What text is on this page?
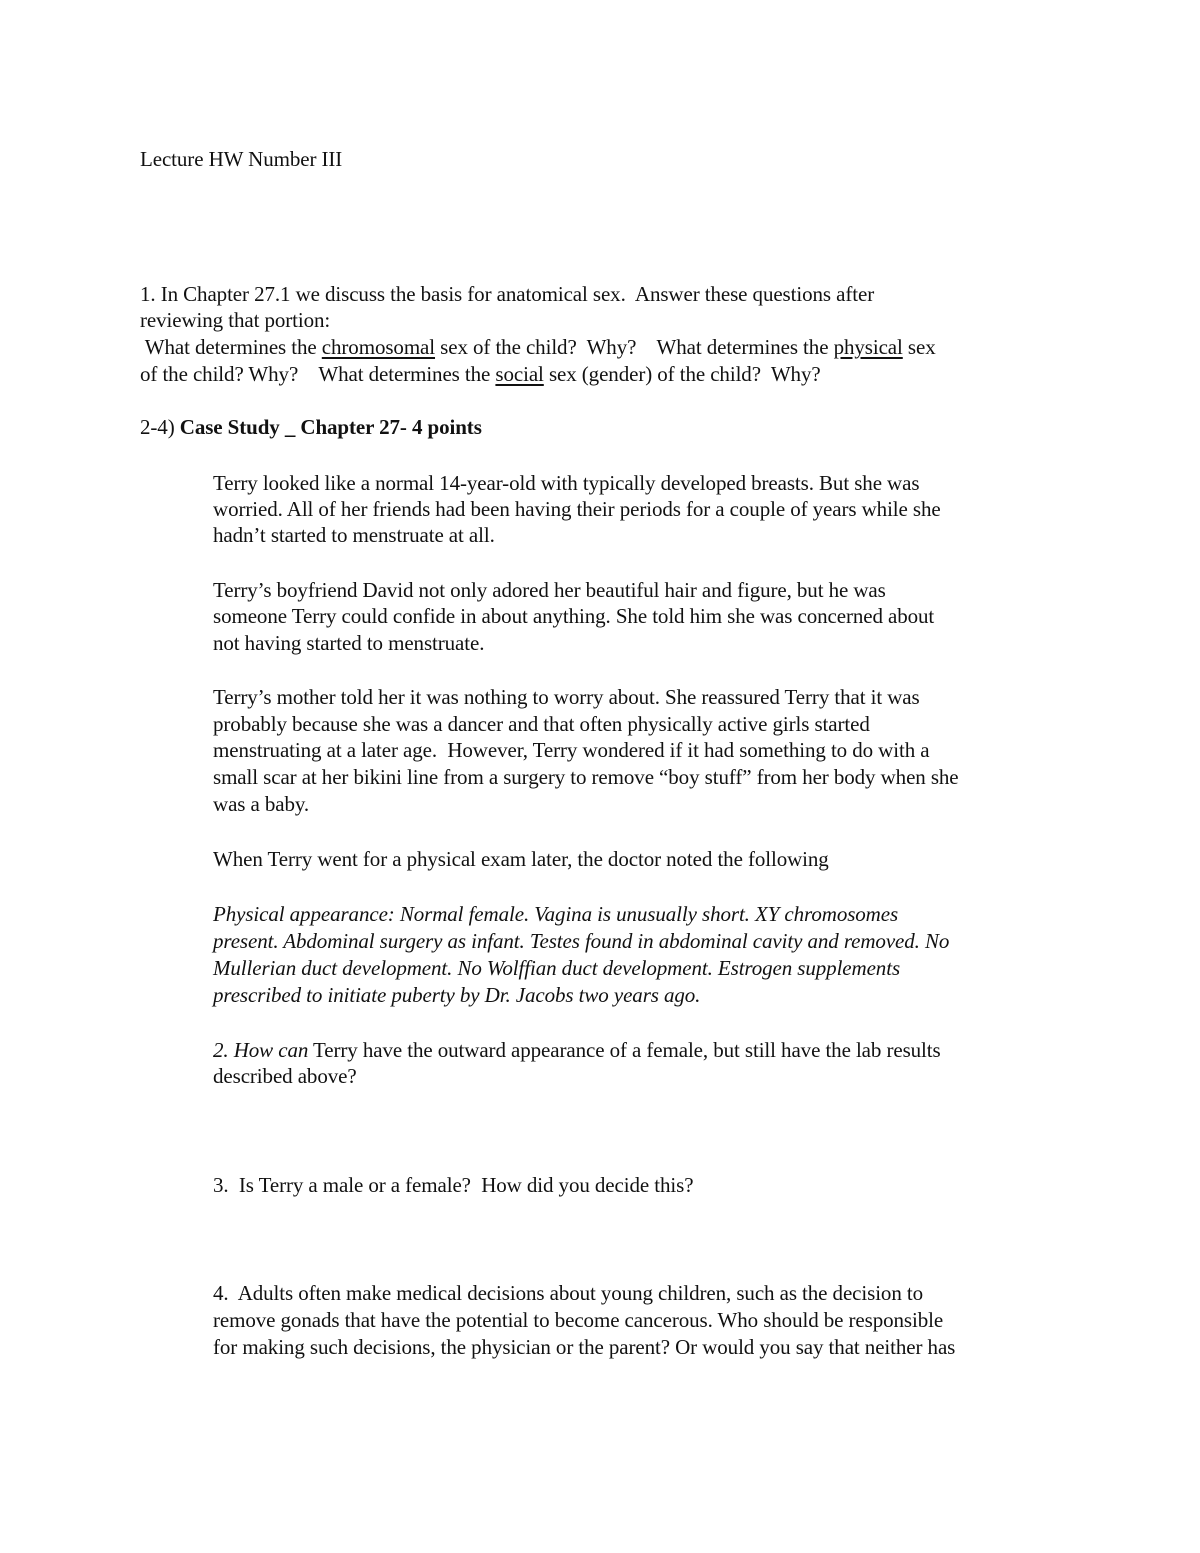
Lecture HW Number III
1. In Chapter 27.1 we discuss the basis for anatomical sex.  Answer these questions after
reviewing that portion:
What determines the chromosomal sex of the child?  Why?    What determines the physical sex
of the child? Why?    What determines the social sex (gender) of the child?  Why?
2-4) Case Study _ Chapter 27- 4 points
Terry looked like a normal 14-year-old with typically developed breasts. But she was
worried. All of her friends had been having their periods for a couple of years while she
hadn’t started to menstruate at all.
Terry’s boyfriend David not only adored her beautiful hair and figure, but he was
someone Terry could confide in about anything. She told him she was concerned about
not having started to menstruate.
Terry’s mother told her it was nothing to worry about. She reassured Terry that it was
probably because she was a dancer and that often physically active girls started
menstruating at a later age.  However, Terry wondered if it had something to do with a
small scar at her bikini line from a surgery to remove “boy stuff” from her body when she
was a baby.
When Terry went for a physical exam later, the doctor noted the following
Physical appearance: Normal female. Vagina is unusually short. XY chromosomes
present. Abdominal surgery as infant. Testes found in abdominal cavity and removed. No
Mullerian duct development. No Wolffian duct development. Estrogen supplements
prescribed to initiate puberty by Dr. Jacobs two years ago.
2. How can Terry have the outward appearance of a female, but still have the lab results
described above?
3.  Is Terry a male or a female?  How did you decide this?
4.  Adults often make medical decisions about young children, such as the decision to
remove gonads that have the potential to become cancerous. Who should be responsible
for making such decisions, the physician or the parent? Or would you say that neither has
